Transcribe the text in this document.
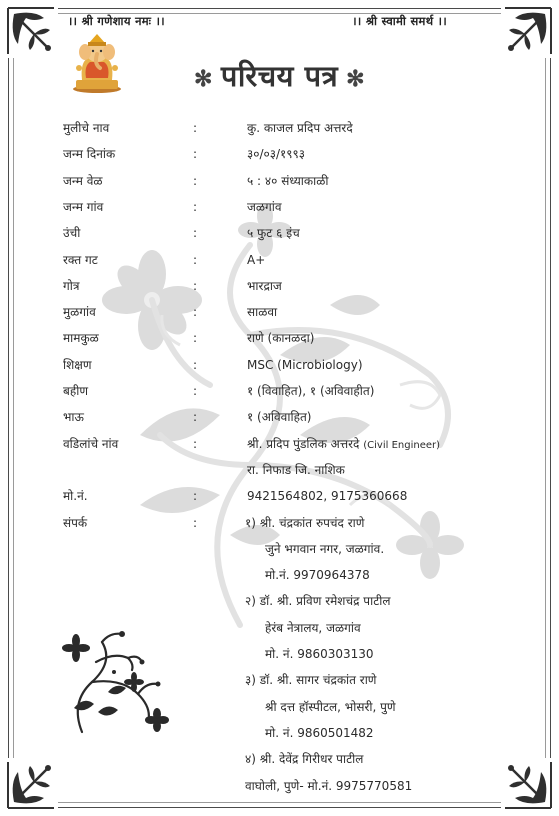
।। श्री गणेशाय नमः ।।	।। श्री स्वामी समर्थ ।।
✻ परिचय पत्र ✻
मुलीचे नाव	:	कु. काजल प्रदिप अत्तरदे
जन्म दिनांक	:	३०/०३/१९९३
जन्म वेळ	:	५ : ४० संध्याकाळी
जन्म गांव	:	जळगांव
उंची	:	५ फुट ६ इंच
रक्त गट	:	A+
गोत्र	:	भारद्राज
मुळगांव	:	साळवा
मामकुळ	:	राणे (कानळदा)
शिक्षण	:	MSC (Microbiology)
बहीण	:	१ (विवाहित), १ (अविवाहीत)
भाऊ	:	१ (अविवाहित)
वडिलांचे नांव	:	श्री. प्रदिप पुंडलिक अत्तरदे (Civil Engineer)
रा. निफाड जि. नाशिक
मो.नं.	:	9421564802, 9175360668
संपर्क	:	१) श्री. चंद्रकांत रुपचंद राणे
जुने भगवान नगर, जळगांव.
मो.नं. 9970964378
२) डॉ. श्री. प्रविण रमेशचंद्र पाटील
हेरंब नेत्रालय, जळगांव
मो. नं. 9860303130
३) डॉ. श्री. सागर चंद्रकांत राणे
श्री दत्त हॉस्पीटल, भोसरी, पुणे
मो. नं. 9860501482
४) श्री. देवेंद्र गिरीधर पाटील
वाघोली, पुणे- मो.नं. 9975770581
